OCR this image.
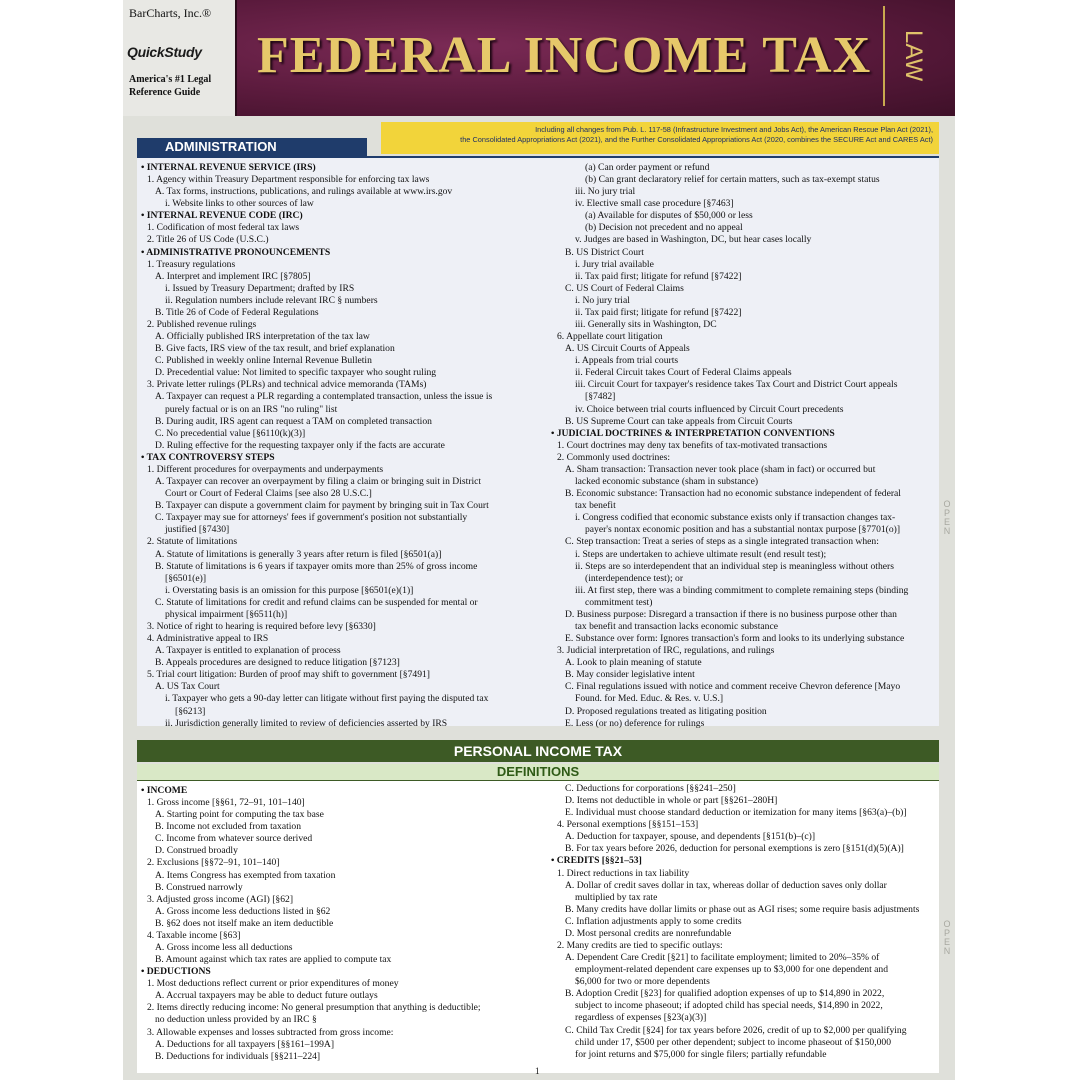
BarCharts, Inc.®
QuickStudy
America's #1 Legal
Reference Guide
FEDERAL INCOME TAX LAW
Including all changes from Pub. L. 117-58 (Infrastructure Investment and Jobs Act), the American Rescue Plan Act (2021),
the Consolidated Appropriations Act (2021), and the Further Consolidated Appropriations Act (2020, combines the SECURE Act and CARES Act)
ADMINISTRATION
• INTERNAL REVENUE SERVICE (IRS)
1. Agency within Treasury Department responsible for enforcing tax laws
A. Tax forms, instructions, publications, and rulings available at www.irs.gov
i. Website links to other sources of law
• INTERNAL REVENUE CODE (IRC)
1. Codification of most federal tax laws
2. Title 26 of US Code (U.S.C.)
• ADMINISTRATIVE PRONOUNCEMENTS
1. Treasury regulations
A. Interpret and implement IRC [§7805]
i. Issued by Treasury Department; drafted by IRS
ii. Regulation numbers include relevant IRC § numbers
B. Title 26 of Code of Federal Regulations
2. Published revenue rulings
A. Officially published IRS interpretation of the tax law
B. Give facts, IRS view of the tax result, and brief explanation
C. Published in weekly online Internal Revenue Bulletin
D. Precedential value: Not limited to specific taxpayer who sought ruling
3. Private letter rulings (PLRs) and technical advice memoranda (TAMs)
A. Taxpayer can request a PLR regarding a contemplated transaction, unless the issue is
purely factual or is on an IRS "no ruling" list
B. During audit, IRS agent can request a TAM on completed transaction
C. No precedential value [§6110(k)(3)]
D. Ruling effective for the requesting taxpayer only if the facts are accurate
• TAX CONTROVERSY STEPS
1. Different procedures for overpayments and underpayments
A. Taxpayer can recover an overpayment by filing a claim or bringing suit in District
Court or Court of Federal Claims [see also 28 U.S.C.]
B. Taxpayer can dispute a government claim for payment by bringing suit in Tax Court
C. Taxpayer may sue for attorneys' fees if government's position not substantially
justified [§7430]
2. Statute of limitations
A. Statute of limitations is generally 3 years after return is filed [§6501(a)]
B. Statute of limitations is 6 years if taxpayer omits more than 25% of gross income
[§6501(e)]
i. Overstating basis is an omission for this purpose [§6501(e)(1)]
C. Statute of limitations for credit and refund claims can be suspended for mental or
physical impairment [§6511(h)]
3. Notice of right to hearing is required before levy [§6330]
4. Administrative appeal to IRS
A. Taxpayer is entitled to explanation of process
B. Appeals procedures are designed to reduce litigation [§7123]
5. Trial court litigation: Burden of proof may shift to government [§7491]
A. US Tax Court
i. Taxpayer who gets a 90-day letter can litigate without first paying the disputed tax
[§6213]
ii. Jurisdiction generally limited to review of deficiencies asserted by IRS
(a) Can order payment or refund
(b) Can grant declaratory relief for certain matters, such as tax-exempt status
iii. No jury trial
iv. Elective small case procedure [§7463]
(a) Available for disputes of $50,000 or less
(b) Decision not precedent and no appeal
v. Judges are based in Washington, DC, but hear cases locally
B. US District Court
i. Jury trial available
ii. Tax paid first; litigate for refund [§7422]
C. US Court of Federal Claims
i. No jury trial
ii. Tax paid first; litigate for refund [§7422]
iii. Generally sits in Washington, DC
6. Appellate court litigation
A. US Circuit Courts of Appeals
i. Appeals from trial courts
ii. Federal Circuit takes Court of Federal Claims appeals
iii. Circuit Court for taxpayer's residence takes Tax Court and District Court appeals
[§7482]
iv. Choice between trial courts influenced by Circuit Court precedents
B. US Supreme Court can take appeals from Circuit Courts
• JUDICIAL DOCTRINES & INTERPRETATION CONVENTIONS
1. Court doctrines may deny tax benefits of tax-motivated transactions
2. Commonly used doctrines:
A. Sham transaction: Transaction never took place (sham in fact) or occurred but
lacked economic substance (sham in substance)
B. Economic substance: Transaction had no economic substance independent of federal
tax benefit
i. Congress codified that economic substance exists only if transaction changes tax-
payer's nontax economic position and has a substantial nontax purpose [§7701(o)]
C. Step transaction: Treat a series of steps as a single integrated transaction when:
i. Steps are undertaken to achieve ultimate result (end result test);
ii. Steps are so interdependent that an individual step is meaningless without others
(interdependence test); or
iii. At first step, there was a binding commitment to complete remaining steps (binding
commitment test)
D. Business purpose: Disregard a transaction if there is no business purpose other than
tax benefit and transaction lacks economic substance
E. Substance over form: Ignores transaction's form and looks to its underlying substance
3. Judicial interpretation of IRC, regulations, and rulings
A. Look to plain meaning of statute
B. May consider legislative intent
C. Final regulations issued with notice and comment receive Chevron deference [Mayo
Found. for Med. Educ. & Res. v. U.S.]
D. Proposed regulations treated as litigating position
E. Less (or no) deference for rulings
PERSONAL INCOME TAX
DEFINITIONS
• INCOME
1. Gross income [§§61, 72–91, 101–140]
A. Starting point for computing the tax base
B. Income not excluded from taxation
C. Income from whatever source derived
D. Construed broadly
2. Exclusions [§§72–91, 101–140]
A. Items Congress has exempted from taxation
B. Construed narrowly
3. Adjusted gross income (AGI) [§62]
A. Gross income less deductions listed in §62
B. §62 does not itself make an item deductible
4. Taxable income [§63]
A. Gross income less all deductions
B. Amount against which tax rates are applied to compute tax
• DEDUCTIONS
1. Most deductions reflect current or prior expenditures of money
A. Accrual taxpayers may be able to deduct future outlays
2. Items directly reducing income: No general presumption that anything is deductible;
no deduction unless provided by an IRC §
3. Allowable expenses and losses subtracted from gross income:
A. Deductions for all taxpayers [§§161–199A]
B. Deductions for individuals [§§211–224]
C. Deductions for corporations [§§241–250]
D. Items not deductible in whole or part [§§261–280H]
E. Individual must choose standard deduction or itemization for many items [§63(a)–(b)]
4. Personal exemptions [§§151–153]
A. Deduction for taxpayer, spouse, and dependents [§151(b)–(c)]
B. For tax years before 2026, deduction for personal exemptions is zero [§151(d)(5)(A)]
• CREDITS [§§21–53]
1. Direct reductions in tax liability
A. Dollar of credit saves dollar in tax, whereas dollar of deduction saves only dollar
multiplied by tax rate
B. Many credits have dollar limits or phase out as AGI rises; some require basis adjustments
C. Inflation adjustments apply to some credits
D. Most personal credits are nonrefundable
2. Many credits are tied to specific outlays:
A. Dependent Care Credit [§21] to facilitate employment; limited to 20%–35% of
employment-related dependent care expenses up to $3,000 for one dependent and
$6,000 for two or more dependents
B. Adoption Credit [§23] for qualified adoption expenses of up to $14,890 in 2022,
subject to income phaseout; if adopted child has special needs, $14,890 in 2022,
regardless of expenses [§23(a)(3)]
C. Child Tax Credit [§24] for tax years before 2026, credit of up to $2,000 per qualifying
child under 17, $500 per other dependent; subject to income phaseout of $150,000
for joint returns and $75,000 for single filers; partially refundable
1
O
P
E
N
O
P
E
N
